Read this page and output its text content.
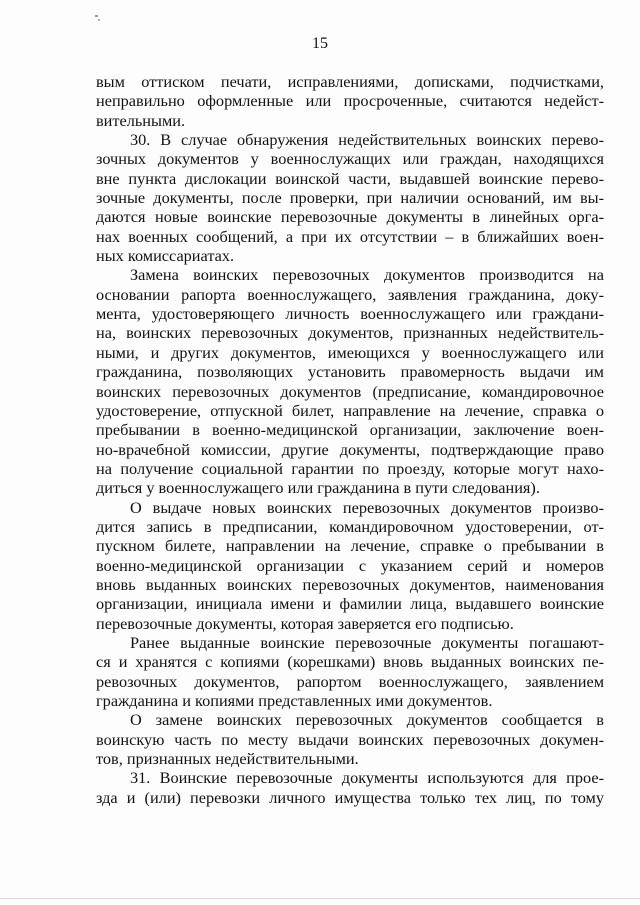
15
вым оттиском печати, исправлениями, дописками, подчистками,
неправильно оформленные или просроченные, считаются недейст-
вительными.
30. В случае обнаружения недействительных воинских перево-
зочных документов у военнослужащих или граждан, находящихся
вне пункта дислокации воинской части, выдавшей воинские перево-
зочные документы, после проверки, при наличии оснований, им вы-
даются новые воинские перевозочные документы в линейных орга-
нах военных сообщений, а при их отсутствии – в ближайших воен-
ных комиссариатах.
Замена воинских перевозочных документов производится на
основании рапорта военнослужащего, заявления гражданина, доку-
мента, удостоверяющего личность военнослужащего или граждани-
на, воинских перевозочных документов, признанных недействитель-
ными, и других документов, имеющихся у военнослужащего или
гражданина, позволяющих установить правомерность выдачи им
воинских перевозочных документов (предписание, командировочное
удостоверение, отпускной билет, направление на лечение, справка о
пребывании в военно-медицинской организации, заключение воен-
но-врачебной комиссии, другие документы, подтверждающие право
на получение социальной гарантии по проезду, которые могут нахо-
диться у военнослужащего или гражданина в пути следования).
О выдаче новых воинских перевозочных документов произво-
дится запись в предписании, командировочном удостоверении, от-
пускном билете, направлении на лечение, справке о пребывании в
военно-медицинской организации с указанием серий и номеров
вновь выданных воинских перевозочных документов, наименования
организации, инициала имени и фамилии лица, выдавшего воинские
перевозочные документы, которая заверяется его подписью.
Ранее выданные воинские перевозочные документы погашают-
ся и хранятся с копиями (корешками) вновь выданных воинских пе-
ревозочных документов, рапортом военнослужащего, заявлением
гражданина и копиями представленных ими документов.
О замене воинских перевозочных документов сообщается в
воинскую часть по месту выдачи воинских перевозочных докумен-
тов, признанных недействительными.
31. Воинские перевозочные документы используются для прое-
зда и (или) перевозки личного имущества только тех лиц, по тому
